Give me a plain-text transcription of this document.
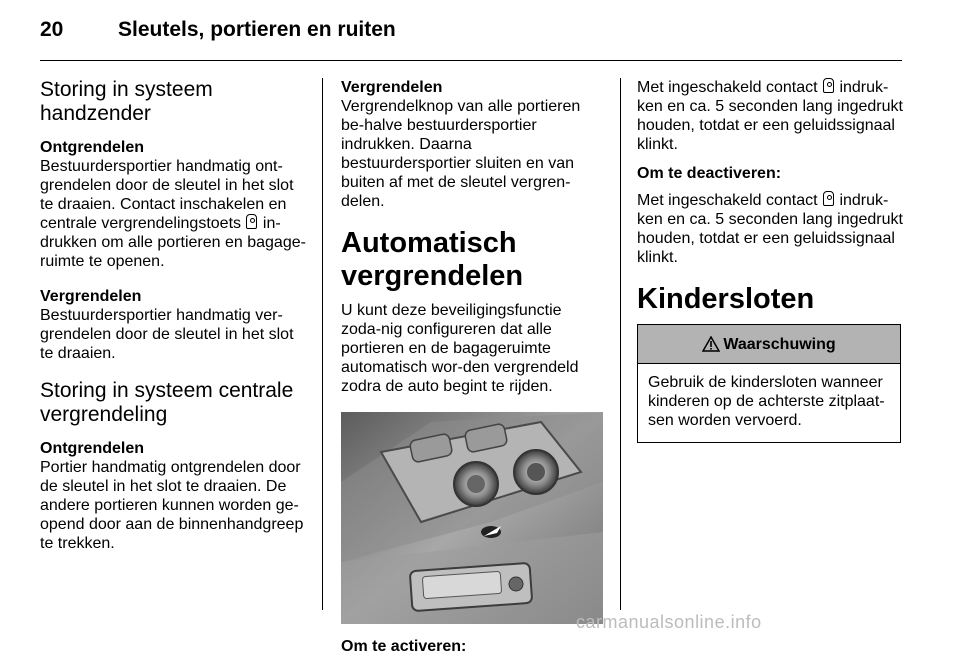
20	Sleutels, portieren en ruiten
Storing in systeem handzender

Ontgrendelen

Bestuurdersportier handmatig ont-grendelen door de sleutel in het slot te draaien. Contact inschakelen en centrale vergrendelingstoets in-drukken om alle portieren en bagage-ruimte te openen.

Vergrendelen

Bestuurdersportier handmatig ver-grendelen door de sleutel in het slot te draaien.

Storing in systeem centrale vergrendeling

Ontgrendelen

Portier handmatig ontgrendelen door de sleutel in het slot te draaien. De andere portieren kunnen worden ge-opend door aan de binnenhandgreep te trekken.

Vergrendelen

Vergrendelknop van alle portieren be-halve bestuurdersportier indrukken. Daarna bestuurdersportier sluiten en van buiten af met de sleutel vergren-delen.

Automatisch vergrendelen

U kunt deze beveiligingsfunctie zoda-nig configureren dat alle portieren en de bagageruimte automatisch wor-den vergrendeld zodra de auto begint te rijden.

Om te activeren:

Met ingeschakeld contact indruk-ken en ca. 5 seconden lang ingedrukt houden, totdat er een geluidssignaal klinkt.

Om te deactiveren:

Met ingeschakeld contact indruk-ken en ca. 5 seconden lang ingedrukt houden, totdat er een geluidssignaal klinkt.

Kindersloten
Waarschuwing
Gebruik de kindersloten wanneer kinderen op de achterste zitplaat-sen worden vervoerd.
carmanualsonline.info
